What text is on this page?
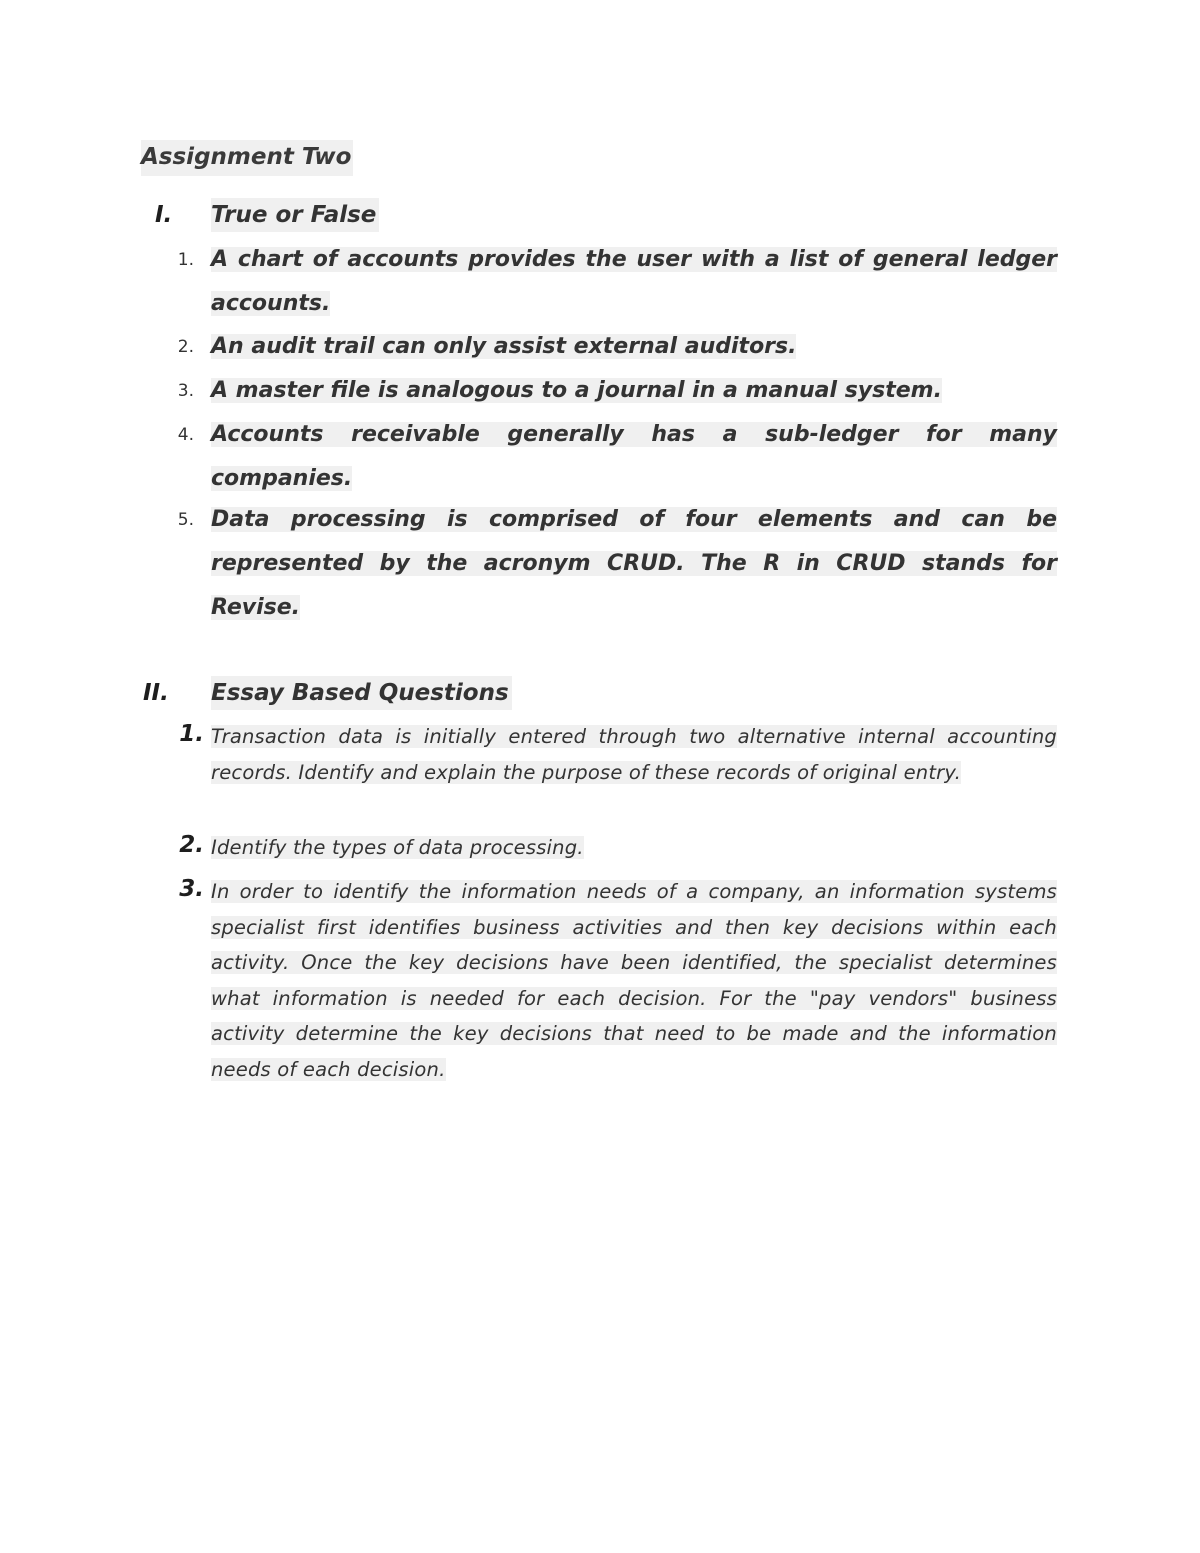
Assignment Two
I. True or False
1. A chart of accounts provides the user with a list of general ledger accounts.
2. An audit trail can only assist external auditors.
3. A master file is analogous to a journal in a manual system.
4. Accounts receivable generally has a sub-ledger for many companies.
5. Data processing is comprised of four elements and can be represented by the acronym CRUD. The R in CRUD stands for Revise.
II. Essay Based Questions
1. Transaction data is initially entered through two alternative internal accounting records. Identify and explain the purpose of these records of original entry.
2. Identify the types of data processing.
3. In order to identify the information needs of a company, an information systems specialist first identifies business activities and then key decisions within each activity. Once the key decisions have been identified, the specialist determines what information is needed for each decision. For the "pay vendors" business activity determine the key decisions that need to be made and the information needs of each decision.
